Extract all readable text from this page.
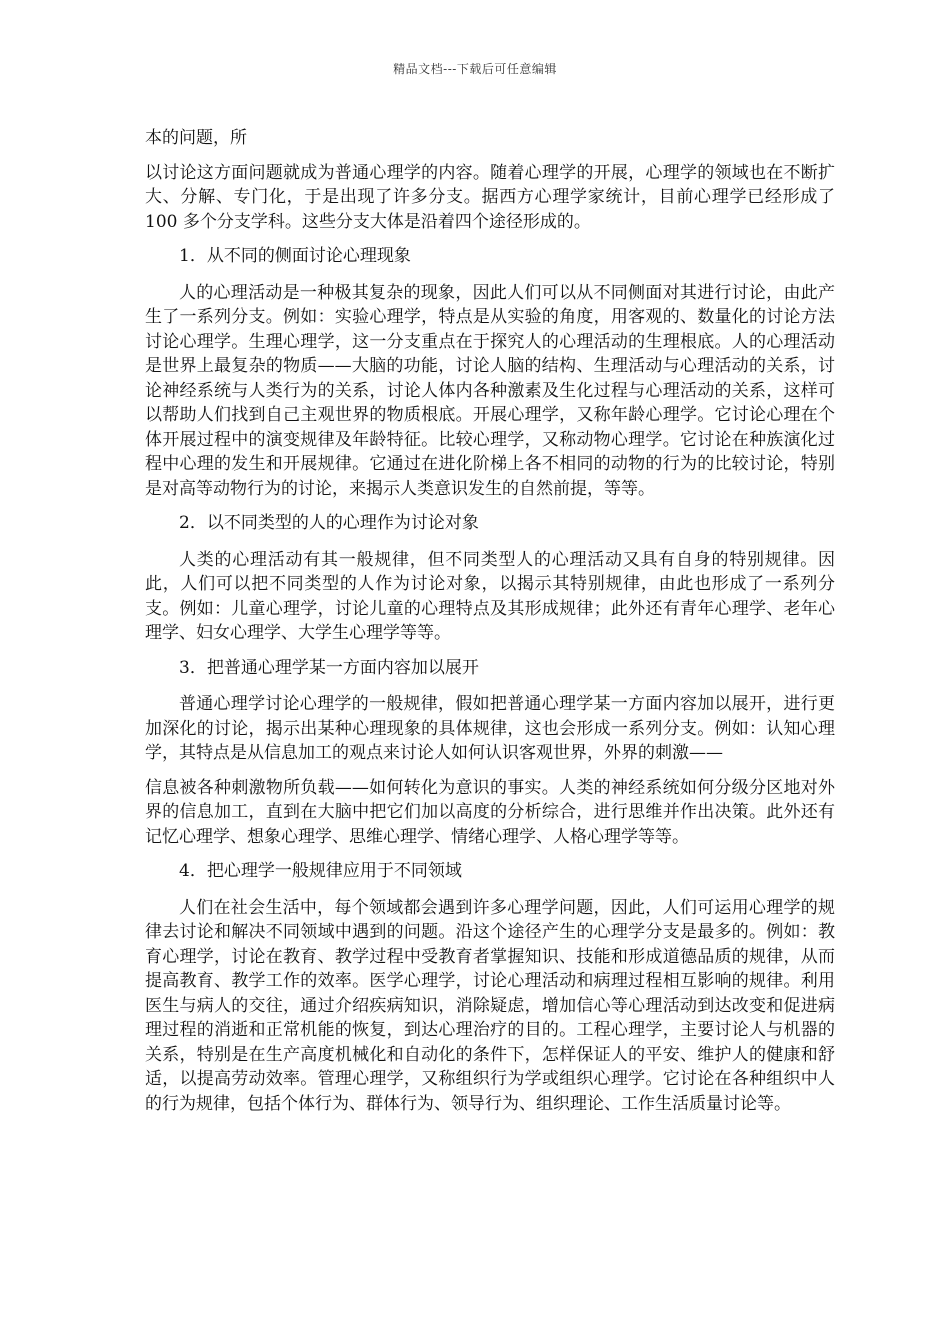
精品文档---下载后可任意编辑

本的问题，所

以讨论这方面问题就成为普通心理学的内容。随着心理学的开展，心理学的领域也在不断扩大、分解、专门化，于是出现了许多分支。据西方心理学家统计，目前心理学已经形成了 100 多个分支学科。这些分支大体是沿着四个途径形成的。

1．从不同的侧面讨论心理现象

人的心理活动是一种极其复杂的现象，因此人们可以从不同侧面对其进行讨论，由此产生了一系列分支。例如：实验心理学，特点是从实验的角度，用客观的、数量化的讨论方法讨论心理学。生理心理学，这一分支重点在于探究人的心理活动的生理根底。人的心理活动是世界上最复杂的物质——大脑的功能，讨论人脑的结构、生理活动与心理活动的关系，讨论神经系统与人类行为的关系，讨论人体内各种激素及生化过程与心理活动的关系，这样可以帮助人们找到自己主观世界的物质根底。开展心理学，又称年龄心理学。它讨论心理在个体开展过程中的演变规律及年龄特征。比较心理学，又称动物心理学。它讨论在种族演化过程中心理的发生和开展规律。它通过在进化阶梯上各不相同的动物的行为的比较讨论，特别是对高等动物行为的讨论，来揭示人类意识发生的自然前提，等等。

2．以不同类型的人的心理作为讨论对象

人类的心理活动有其一般规律，但不同类型人的心理活动又具有自身的特别规律。因此，人们可以把不同类型的人作为讨论对象，以揭示其特别规律，由此也形成了一系列分支。例如：儿童心理学，讨论儿童的心理特点及其形成规律；此外还有青年心理学、老年心理学、妇女心理学、大学生心理学等等。

3．把普通心理学某一方面内容加以展开

普通心理学讨论心理学的一般规律，假如把普通心理学某一方面内容加以展开，进行更加深化的讨论，揭示出某种心理现象的具体规律，这也会形成一系列分支。例如：认知心理学，其特点是从信息加工的观点来讨论人如何认识客观世界，外界的刺激——

信息被各种刺激物所负载——如何转化为意识的事实。人类的神经系统如何分级分区地对外界的信息加工，直到在大脑中把它们加以高度的分析综合，进行思维并作出决策。此外还有记忆心理学、想象心理学、思维心理学、情绪心理学、人格心理学等等。

4．把心理学一般规律应用于不同领域

人们在社会生活中，每个领域都会遇到许多心理学问题，因此，人们可运用心理学的规律去讨论和解决不同领域中遇到的问题。沿这个途径产生的心理学分支是最多的。例如：教育心理学，讨论在教育、教学过程中受教育者掌握知识、技能和形成道德品质的规律，从而提高教育、教学工作的效率。医学心理学，讨论心理活动和病理过程相互影响的规律。利用医生与病人的交往，通过介绍疾病知识，消除疑虑，增加信心等心理活动到达改变和促进病理过程的消逝和正常机能的恢复，到达心理治疗的目的。工程心理学，主要讨论人与机器的关系，特别是在生产高度机械化和自动化的条件下，怎样保证人的平安、维护人的健康和舒适，以提高劳动效率。管理心理学，又称组织行为学或组织心理学。它讨论在各种组织中人的行为规律，包括个体行为、群体行为、领导行为、组织理论、工作生活质量讨论等。
